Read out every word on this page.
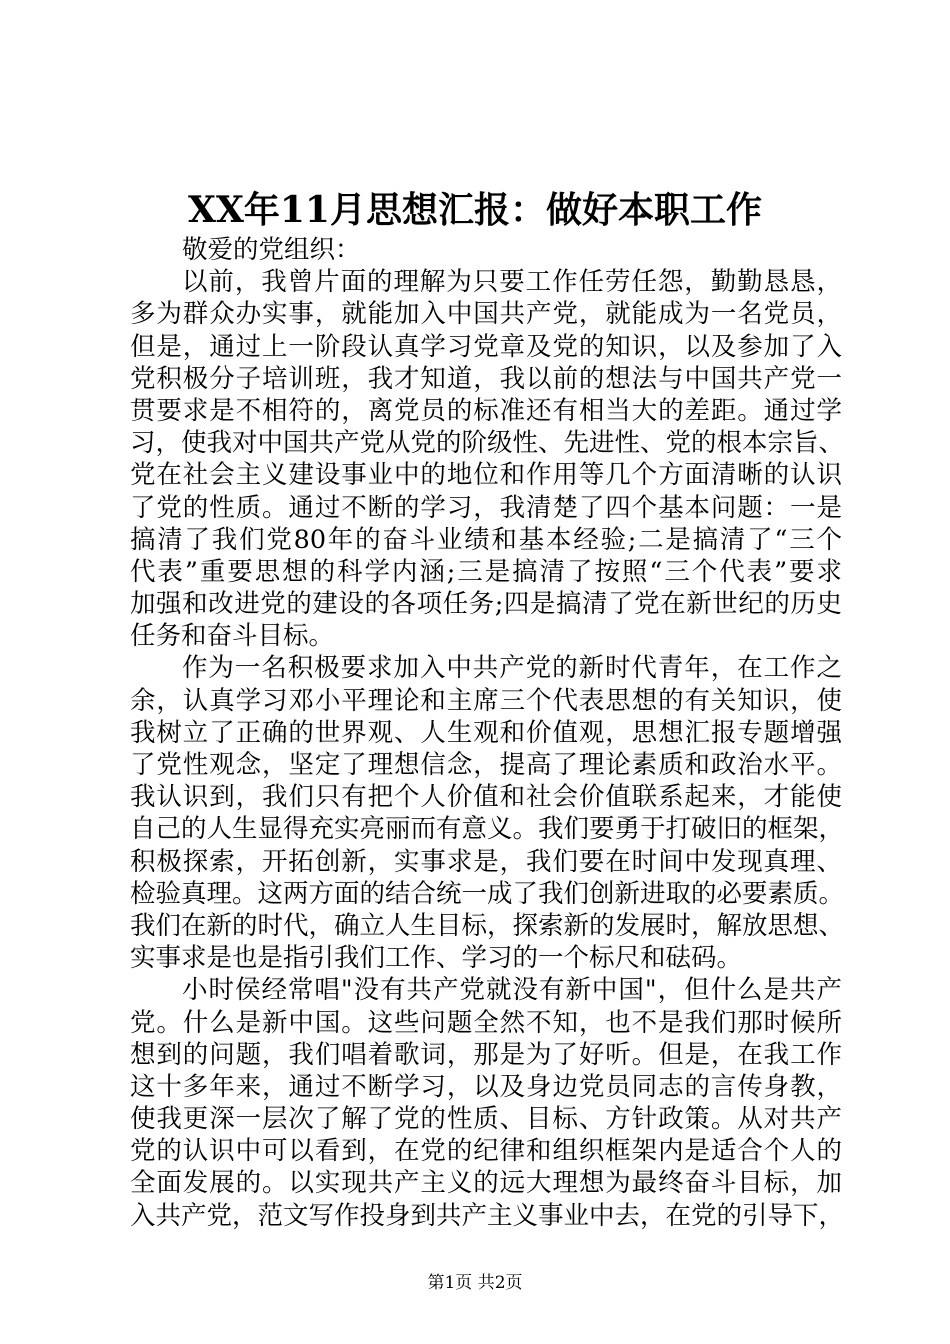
XX年11月思想汇报：做好本职工作
敬爱的党组织：
以前，我曾片面的理解为只要工作任劳任怨，勤勤恳恳，
多为群众办实事，就能加入中国共产党，就能成为一名党员，
但是，通过上一阶段认真学习党章及党的知识，以及参加了入
党积极分子培训班，我才知道，我以前的想法与中国共产党一
贯要求是不相符的，离党员的标准还有相当大的差距。通过学
习，使我对中国共产党从党的阶级性、先进性、党的根本宗旨、
党在社会主义建设事业中的地位和作用等几个方面清晰的认识
了党的性质。通过不断的学习，我清楚了四个基本问题：一是
搞清了我们党80年的奋斗业绩和基本经验;二是搞清了“三个
代表”重要思想的科学内涵;三是搞清了按照“三个代表”要求
加强和改进党的建设的各项任务;四是搞清了党在新世纪的历史
任务和奋斗目标。
作为一名积极要求加入中共产党的新时代青年，在工作之
余，认真学习邓小平理论和主席三个代表思想的有关知识，使
我树立了正确的世界观、人生观和价值观，思想汇报专题增强
了党性观念，坚定了理想信念，提高了理论素质和政治水平。
我认识到，我们只有把个人价值和社会价值联系起来，才能使
自己的人生显得充实亮丽而有意义。我们要勇于打破旧的框架，
积极探索，开拓创新，实事求是，我们要在时间中发现真理、
检验真理。这两方面的结合统一成了我们创新进取的必要素质。
我们在新的时代，确立人生目标，探索新的发展时，解放思想、
实事求是也是指引我们工作、学习的一个标尺和砝码。
小时侯经常唱"没有共产党就没有新中国"，但什么是共产
党。什么是新中国。这些问题全然不知，也不是我们那时候所
想到的问题，我们唱着歌词，那是为了好听。但是，在我工作
这十多年来，通过不断学习，以及身边党员同志的言传身教，
使我更深一层次了解了党的性质、目标、方针政策。从对共产
党的认识中可以看到，在党的纪律和组织框架内是适合个人的
全面发展的。以实现共产主义的远大理想为最终奋斗目标，加
入共产党，范文写作投身到共产主义事业中去，在党的引导下，
第1页 共2页
